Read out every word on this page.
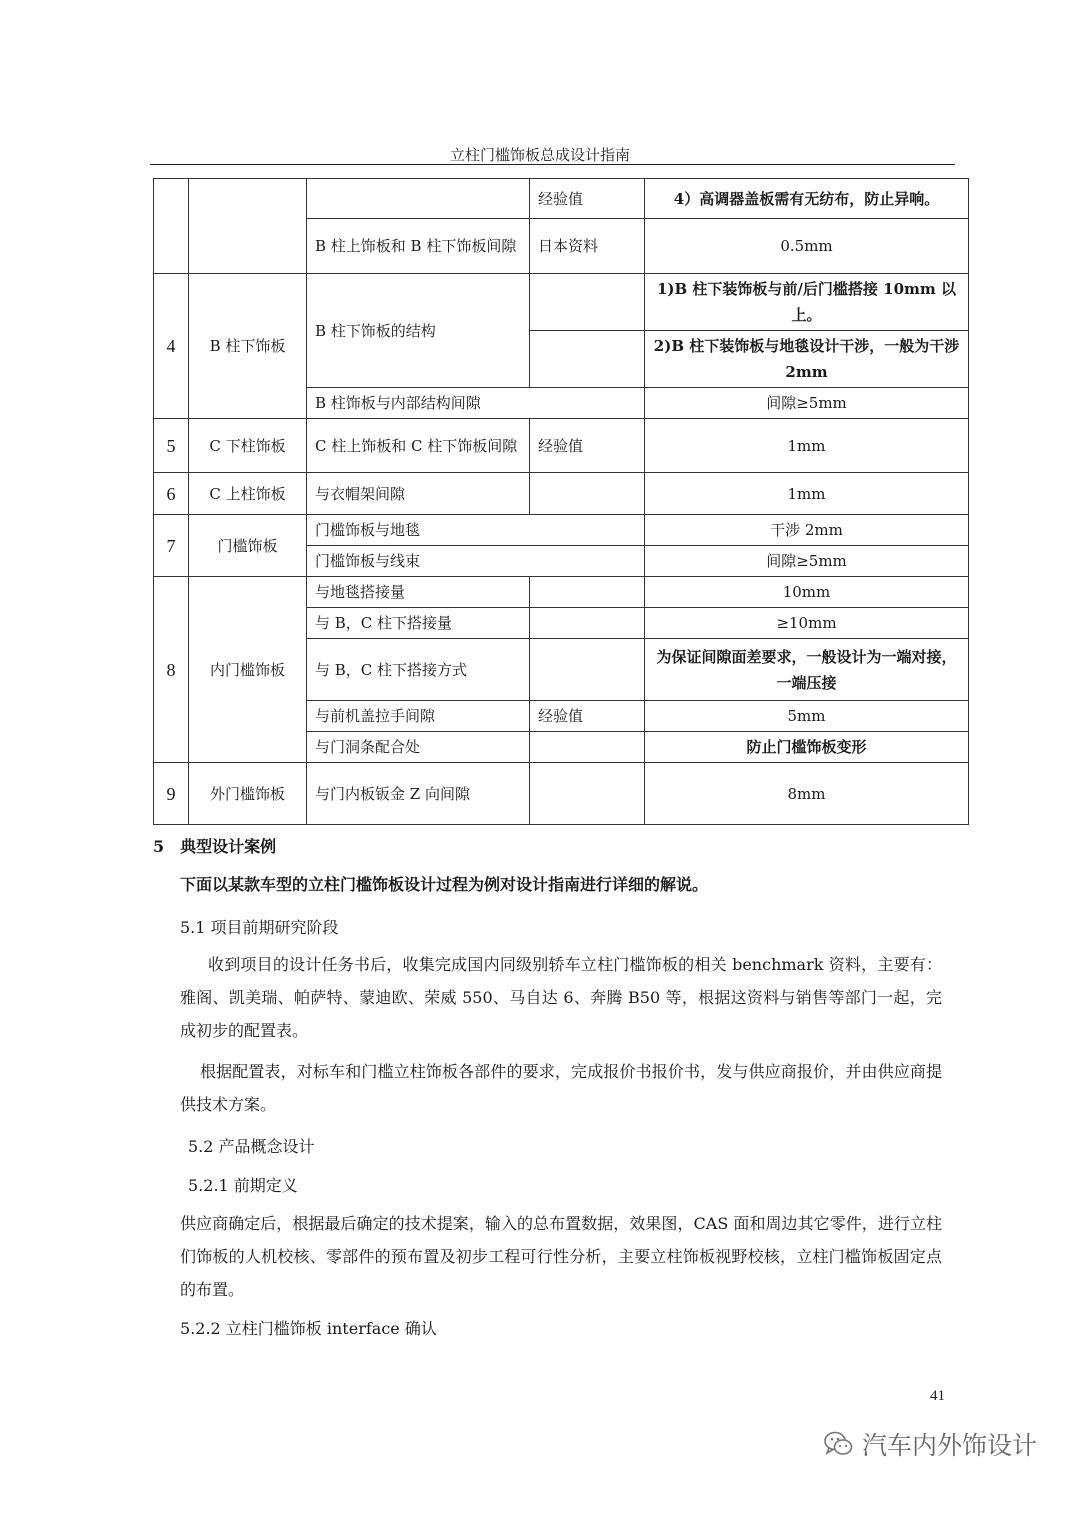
立柱门槛饰板总成设计指南
			经验值	4）高调器盖板需有无纺布，防止异响。
		B 柱上饰板和 B 柱下饰板间隙	日本资料	0.5mm
4	B 柱下饰板	B 柱下饰板的结构		1)B 柱下装饰板与前/后门槛搭接 10mm 以上。
				2)B 柱下装饰板与地毯设计干涉，一般为干涉 2mm
		B 柱饰板与内部结构间隙		间隙≥5mm
5	C 下柱饰板	C 柱上饰板和 C 柱下饰板间隙	经验值	1mm
6	C 上柱饰板	与衣帽架间隙		1mm
7	门槛饰板	门槛饰板与地毯		干涉 2mm
		门槛饰板与线束		间隙≥5mm
8	内门槛饰板	与地毯搭接量		10mm
		与 B，C 柱下搭接量		≥10mm
		与 B，C 柱下搭接方式		为保证间隙面差要求，一般设计为一端对接，一端压接
		与前机盖拉手间隙	经验值	5mm
		与门洞条配合处		防止门槛饰板变形
9	外门槛饰板	与门内板钣金 Z 向间隙		8mm
5　典型设计案例
下面以某款车型的立柱门槛饰板设计过程为例对设计指南进行详细的解说。
5.1 项目前期研究阶段
收到项目的设计任务书后，收集完成国内同级别轿车立柱门槛饰板的相关 benchmark 资料，主要有：雅阁、凯美瑞、帕萨特、蒙迪欧、荣威 550、马自达 6、奔腾 B50 等，根据这资料与销售等部门一起，完成初步的配置表。
根据配置表，对标车和门槛立柱饰板各部件的要求，完成报价书报价书，发与供应商报价，并由供应商提供技术方案。
5.2 产品概念设计
5.2.1 前期定义
供应商确定后，根据最后确定的技术提案，输入的总布置数据，效果图，CAS 面和周边其它零件，进行立柱们饰板的人机校核、零部件的预布置及初步工程可行性分析，主要立柱饰板视野校核，立柱门槛饰板固定点的布置。
5.2.2 立柱门槛饰板 interface 确认
41
汽车内外饰设计
